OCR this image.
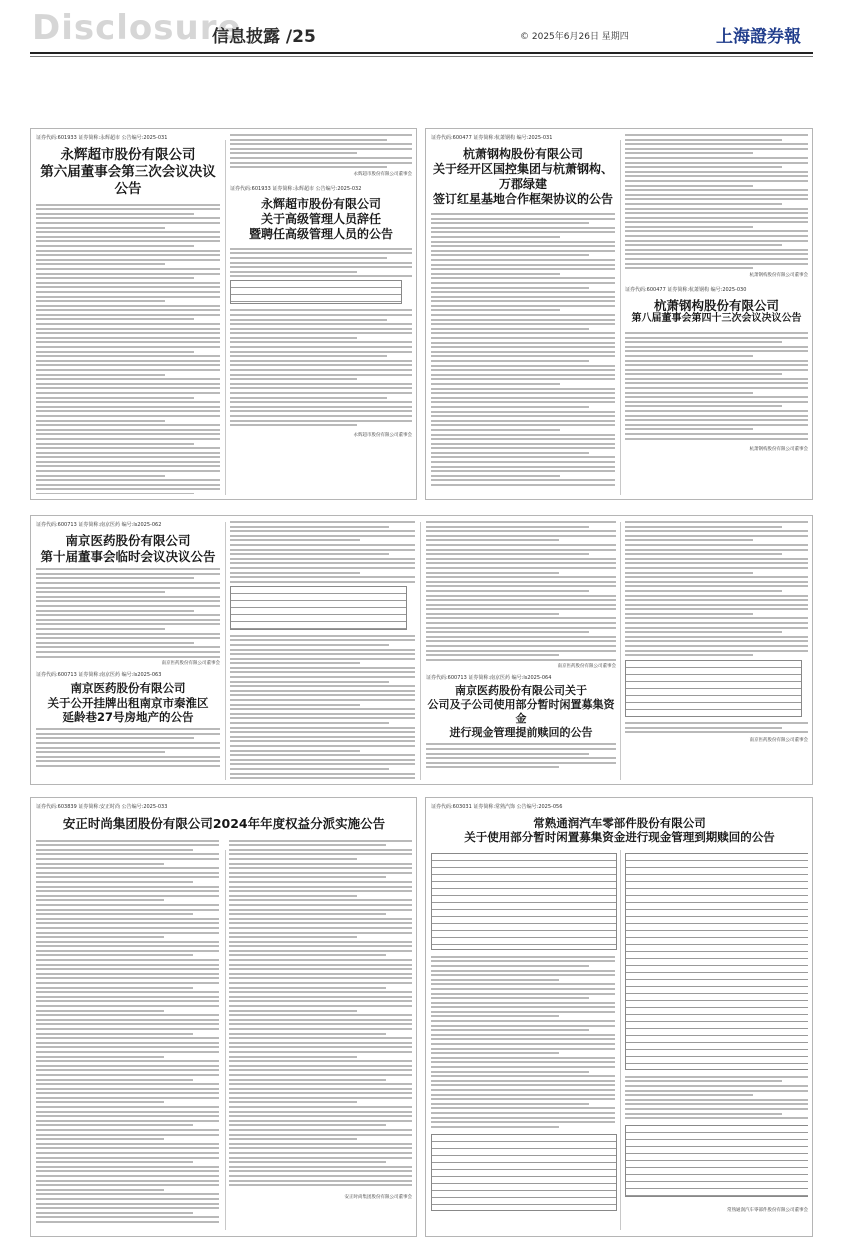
Disclosure
信息披露 /25	© 2025年6月26日 星期四	上海證券報
证券代码:601933 证券简称:永辉超市 公告编号:2025-031
永辉超市股份有限公司
第六届董事会第三次会议决议公告
永辉超市股份有限公司董事会
证券代码:601933 证券简称:永辉超市 公告编号:2025-032
永辉超市股份有限公司
关于高级管理人员辞任
暨聘任高级管理人员的公告
永辉超市股份有限公司董事会
证券代码:600477 证券简称:杭萧钢构 编号:2025-031
杭萧钢构股份有限公司
关于经开区国控集团与杭萧钢构、万郡绿建
签订红星基地合作框架协议的公告
杭萧钢构股份有限公司董事会
证券代码:600477 证券简称:杭萧钢构 编号:2025-030
杭萧钢构股份有限公司
第八届董事会第四十三次会议决议公告
杭萧钢构股份有限公司董事会
证券代码:600713 证券简称:南京医药 编号:ls2025-062
南京医药股份有限公司
第十届董事会临时会议决议公告
南京医药股份有限公司董事会
证券代码:600713 证券简称:南京医药 编号:ls2025-063
南京医药股份有限公司
关于公开挂牌出租南京市秦淮区
延龄巷27号房地产的公告
南京医药股份有限公司董事会
证券代码:600713 证券简称:南京医药 编号:ls2025-064
南京医药股份有限公司关于
公司及子公司使用部分暂时闲置募集资金
进行现金管理提前赎回的公告
南京医药股份有限公司董事会
证券代码:603839 证券简称:安正时尚 公告编号:2025-033
安正时尚集团股份有限公司2024年年度权益分派实施公告
安正时尚集团股份有限公司董事会
证券代码:603031 证券简称:常熟汽饰 公告编号:2025-056
常熟通润汽车零部件股份有限公司
关于使用部分暂时闲置募集资金进行现金管理到期赎回的公告
常熟通润汽车零部件股份有限公司董事会
